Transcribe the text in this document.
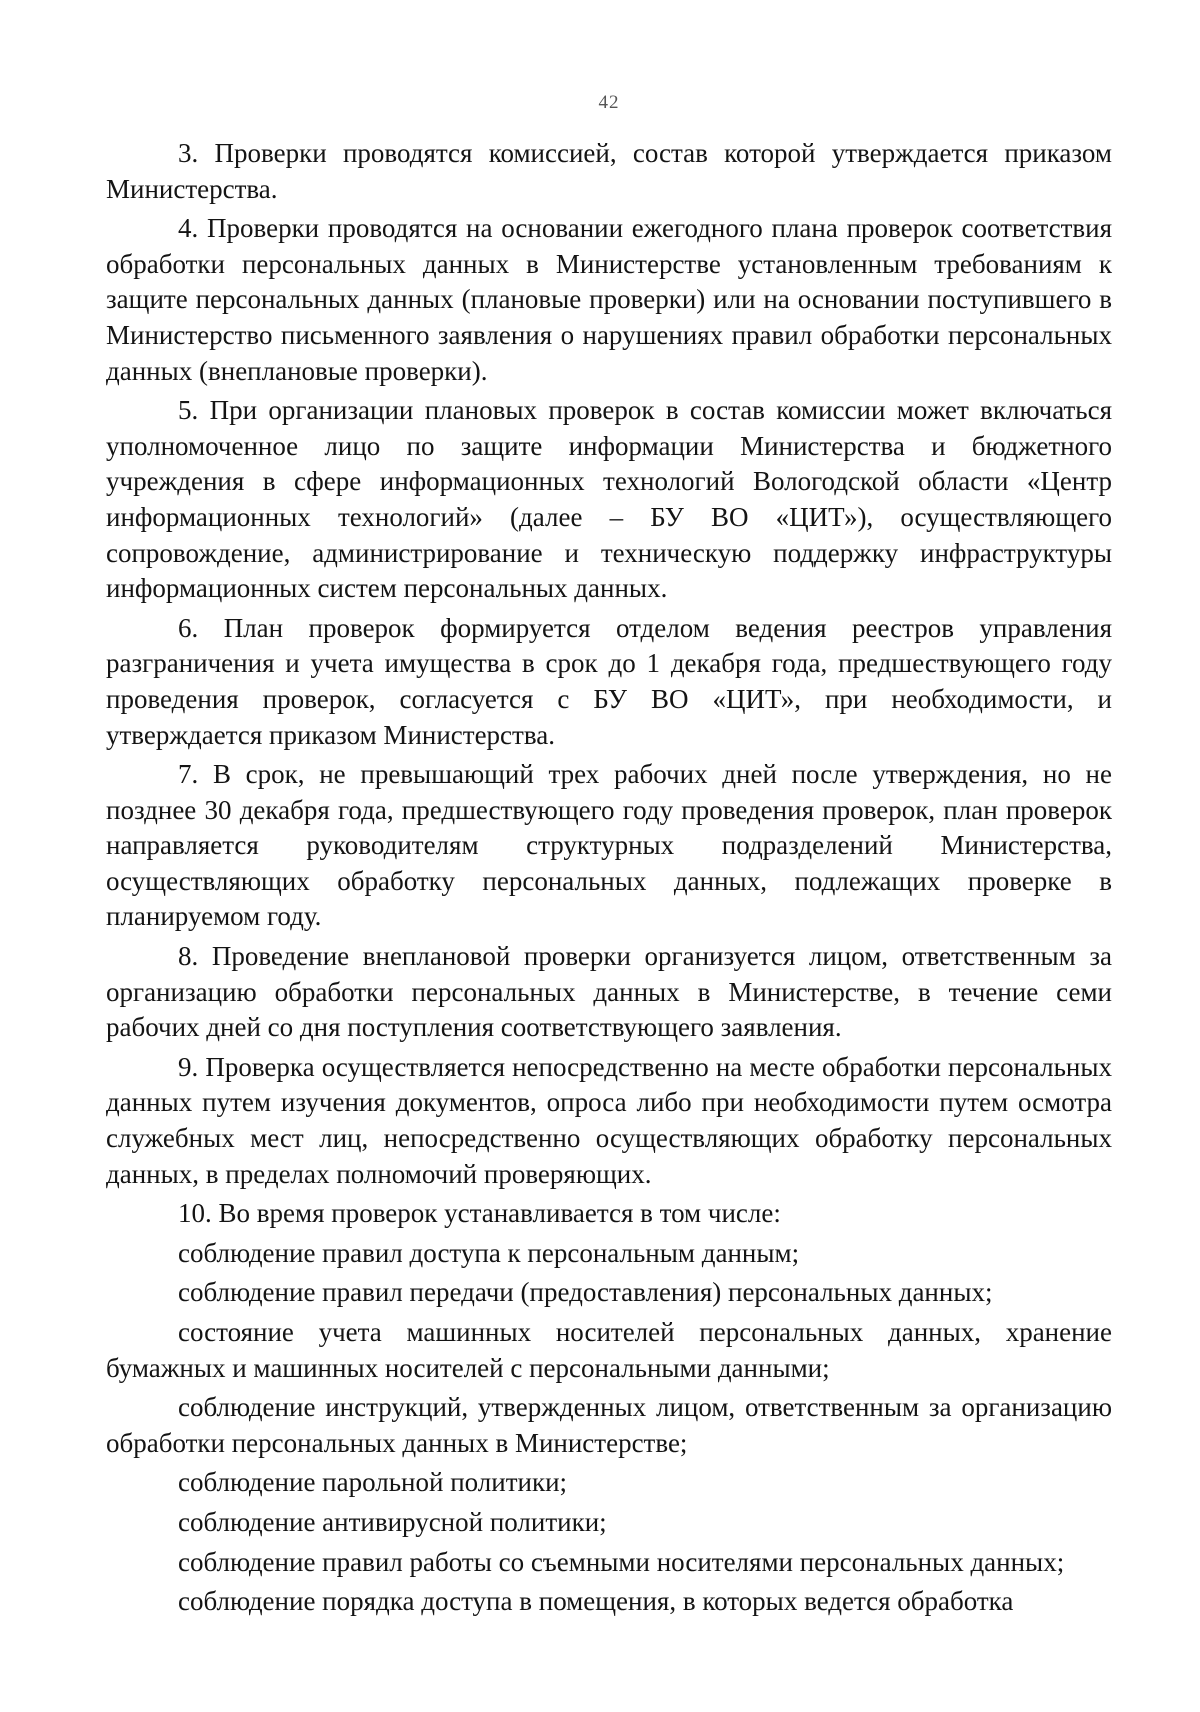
42

3. Проверки проводятся комиссией, состав которой утверждается приказом Министерства.

4. Проверки проводятся на основании ежегодного плана проверок соответствия обработки персональных данных в Министерстве установленным требованиям к защите персональных данных (плановые проверки) или на основании поступившего в Министерство письменного заявления о нарушениях правил обработки персональных данных (внеплановые проверки).

5. При организации плановых проверок в состав комиссии может включаться уполномоченное лицо по защите информации Министерства и бюджетного учреждения в сфере информационных технологий Вологодской области «Центр информационных технологий» (далее – БУ ВО «ЦИТ»), осуществляющего сопровождение, администрирование и техническую поддержку инфраструктуры информационных систем персональных данных.

6. План проверок формируется отделом ведения реестров управления разграничения и учета имущества в срок до 1 декабря года, предшествующего году проведения проверок, согласуется с БУ ВО «ЦИТ», при необходимости, и утверждается приказом Министерства.

7. В срок, не превышающий трех рабочих дней после утверждения, но не позднее 30 декабря года, предшествующего году проведения проверок, план проверок направляется руководителям структурных подразделений Министерства, осуществляющих обработку персональных данных, подлежащих проверке в планируемом году.

8. Проведение внеплановой проверки организуется лицом, ответственным за организацию обработки персональных данных в Министерстве, в течение семи рабочих дней со дня поступления соответствующего заявления.

9. Проверка осуществляется непосредственно на месте обработки персональных данных путем изучения документов, опроса либо при необходимости путем осмотра служебных мест лиц, непосредственно осуществляющих обработку персональных данных, в пределах полномочий проверяющих.

10. Во время проверок устанавливается в том числе:

соблюдение правил доступа к персональным данным;

соблюдение правил передачи (предоставления) персональных данных;

состояние учета машинных носителей персональных данных, хранение бумажных и машинных носителей с персональными данными;

соблюдение инструкций, утвержденных лицом, ответственным за организацию обработки персональных данных в Министерстве;

соблюдение парольной политики;

соблюдение антивирусной политики;

соблюдение правил работы со съемными носителями персональных данных;

соблюдение порядка доступа в помещения, в которых ведется обработка
